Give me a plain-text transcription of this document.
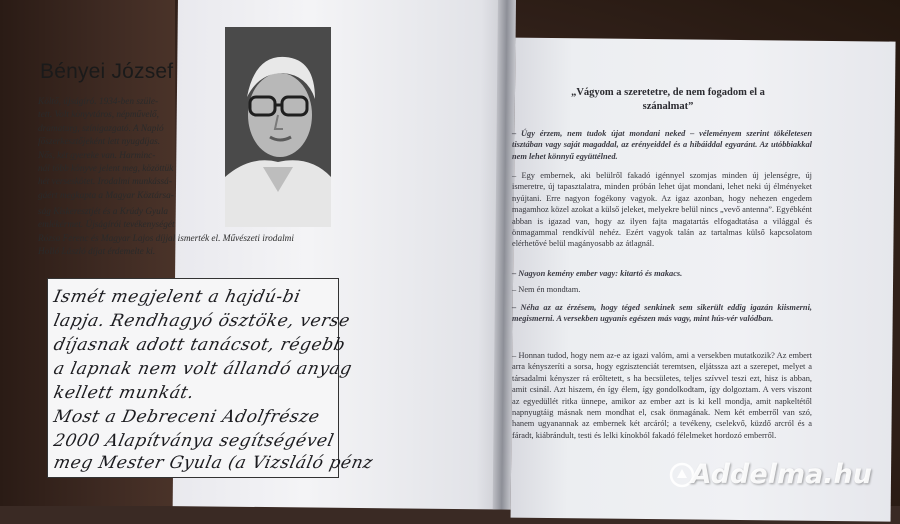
Bényei József
Költő, újságíró. 1934-ben szüle-
tett. Volt könyvtáros, népművelő,
dramaturg, színigazgató. A Napló
főszerkesztőjeként lett nyugdíjas.
Nős, két gyereke van. Harminc-
nál több könyve jelent meg, közöttük
hét verseskötet. Irodalmi munkássá-
gáért megkapta a Magyar Köztársa-
ság Kiskeresztjét és a Krúdy Gyula
emlékérmet. Újságírói tevékenységét
Rózsa Ferenc és Magyar Lajos díjjal ismerték el. Művészeti irodalmi
Holló László díjat érdemelte ki.
Ismét megjelent a hajdú-bi
lapja. Rendhagyó ösztöke, verse
díjasnak adott tanácsot, régebb
a lapnak nem volt állandó anyag
kellett munkát.
Most a Debreceni Adolfrésze
2000 Alapítványa segítségével
meg Mester Gyula (a Vizsláló pénz
„Vágyom a szeretetre, de nem fogadom el a
szánalmat”
– Úgy érzem, nem tudok újat mondani neked – véleményem szerint tökéletesen tisztában vagy saját magaddal, az erényeiddel és a hibáiddal egyaránt. Az utóbbiakkal nem lehet könnyű együttélned.
– Egy embernek, aki belülről fakadó igénnyel szomjas minden új jelenségre, új ismeretre, új tapasztalatra, minden próbán lehet újat mondani, lehet neki új élményeket nyújtani. Erre nagyon fogékony vagyok. Az igaz azonban, hogy nehezen engedem magamhoz közel azokat a külső jeleket, melyekre belül nincs „vevő antenna”. Egyébként abban is igazad van, hogy az ilyen fajta magatartás elfogadtatása a világgal és önmagammal rendkívül nehéz. Ezért vagyok talán az tartalmas külső kapcsolatom elérhetővé belül magányosabb az átlagnál.
– Nagyon kemény ember vagy: kitartó és makacs.
– Nem én mondtam.
– Néha az az érzésem, hogy téged senkinek sem sikerült eddig igazán kiismerni, megismerni. A versekben ugyanis egészen más vagy, mint hús-vér valódban.
– Honnan tudod, hogy nem az-e az igazi valóm, ami a versekben mutatkozik? Az embert arra kényszeríti a sorsa, hogy egzisztenciát teremtsen, eljátssza azt a szerepet, melyet a társadalmi kényszer rá erőltetett, s ha becsületes, teljes szívvel teszi ezt, hisz is abban, amit csinál. Azt hiszem, én így élem, így gondolkodtam, így dolgoztam. A vers viszont az egyedüllét ritka ünnepe, amikor az ember azt is ki kell mondja, amit napkeltétől napnyugtáig másnak nem mondhat el, csak önmagának. Nem két emberről van szó, hanem ugyanannak az embernek két arcáról; a tevékeny, cselekvő, küzdő arcról és a fáradt, kiábrándult, testi és lelki kínokból fakadó félelmeket hordozó emberről.
Addelma.hu
